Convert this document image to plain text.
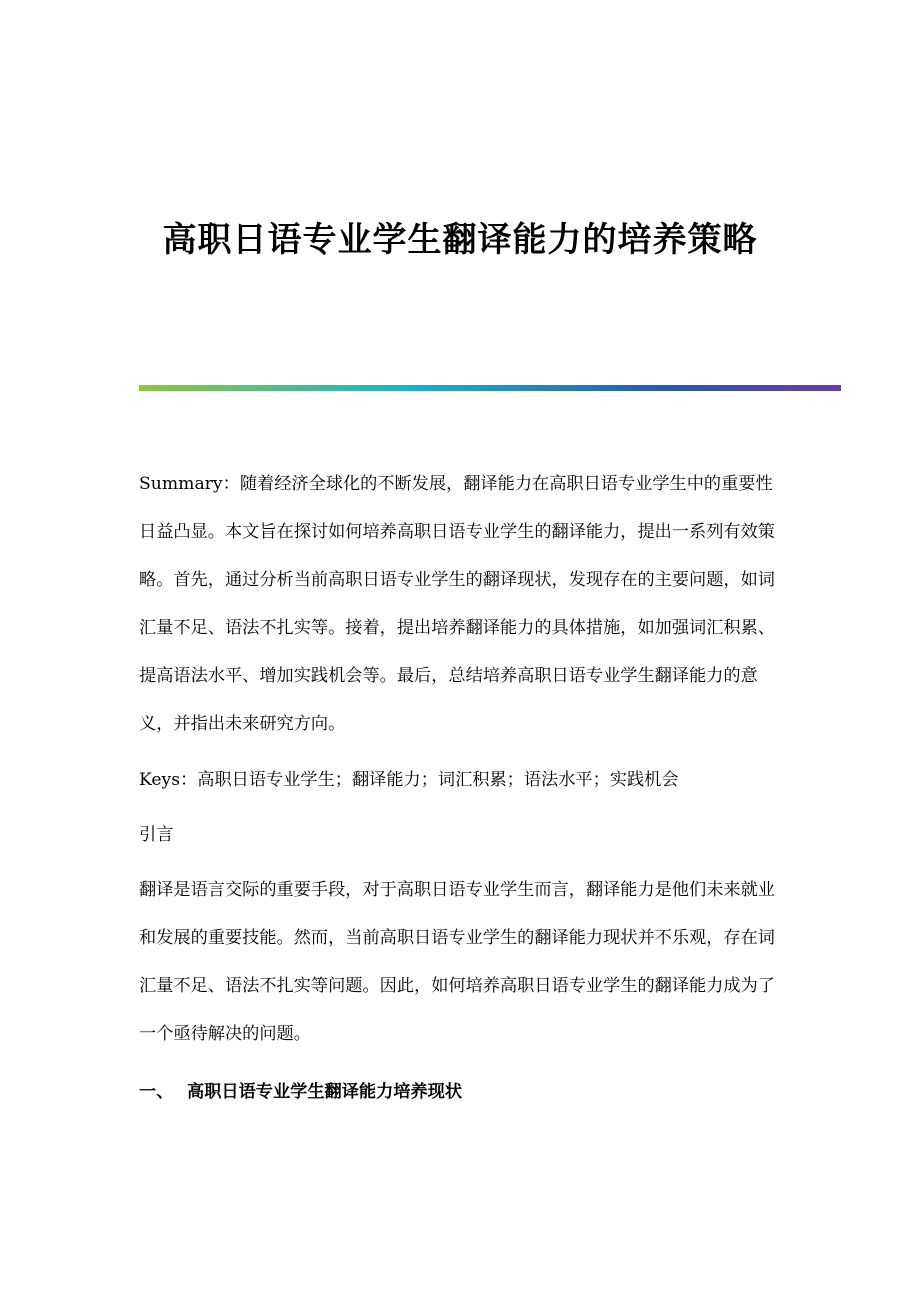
高职日语专业学生翻译能力的培养策略

Summary：随着经济全球化的不断发展，翻译能力在高职日语专业学生中的重要性日益凸显。本文旨在探讨如何培养高职日语专业学生的翻译能力，提出一系列有效策略。首先，通过分析当前高职日语专业学生的翻译现状，发现存在的主要问题，如词汇量不足、语法不扎实等。接着，提出培养翻译能力的具体措施，如加强词汇积累、提高语法水平、增加实践机会等。最后，总结培养高职日语专业学生翻译能力的意义，并指出未来研究方向。

Keys：高职日语专业学生；翻译能力；词汇积累；语法水平；实践机会

引言

翻译是语言交际的重要手段，对于高职日语专业学生而言，翻译能力是他们未来就业和发展的重要技能。然而，当前高职日语专业学生的翻译能力现状并不乐观，存在词汇量不足、语法不扎实等问题。因此，如何培养高职日语专业学生的翻译能力成为了一个亟待解决的问题。

一、 高职日语专业学生翻译能力培养现状
